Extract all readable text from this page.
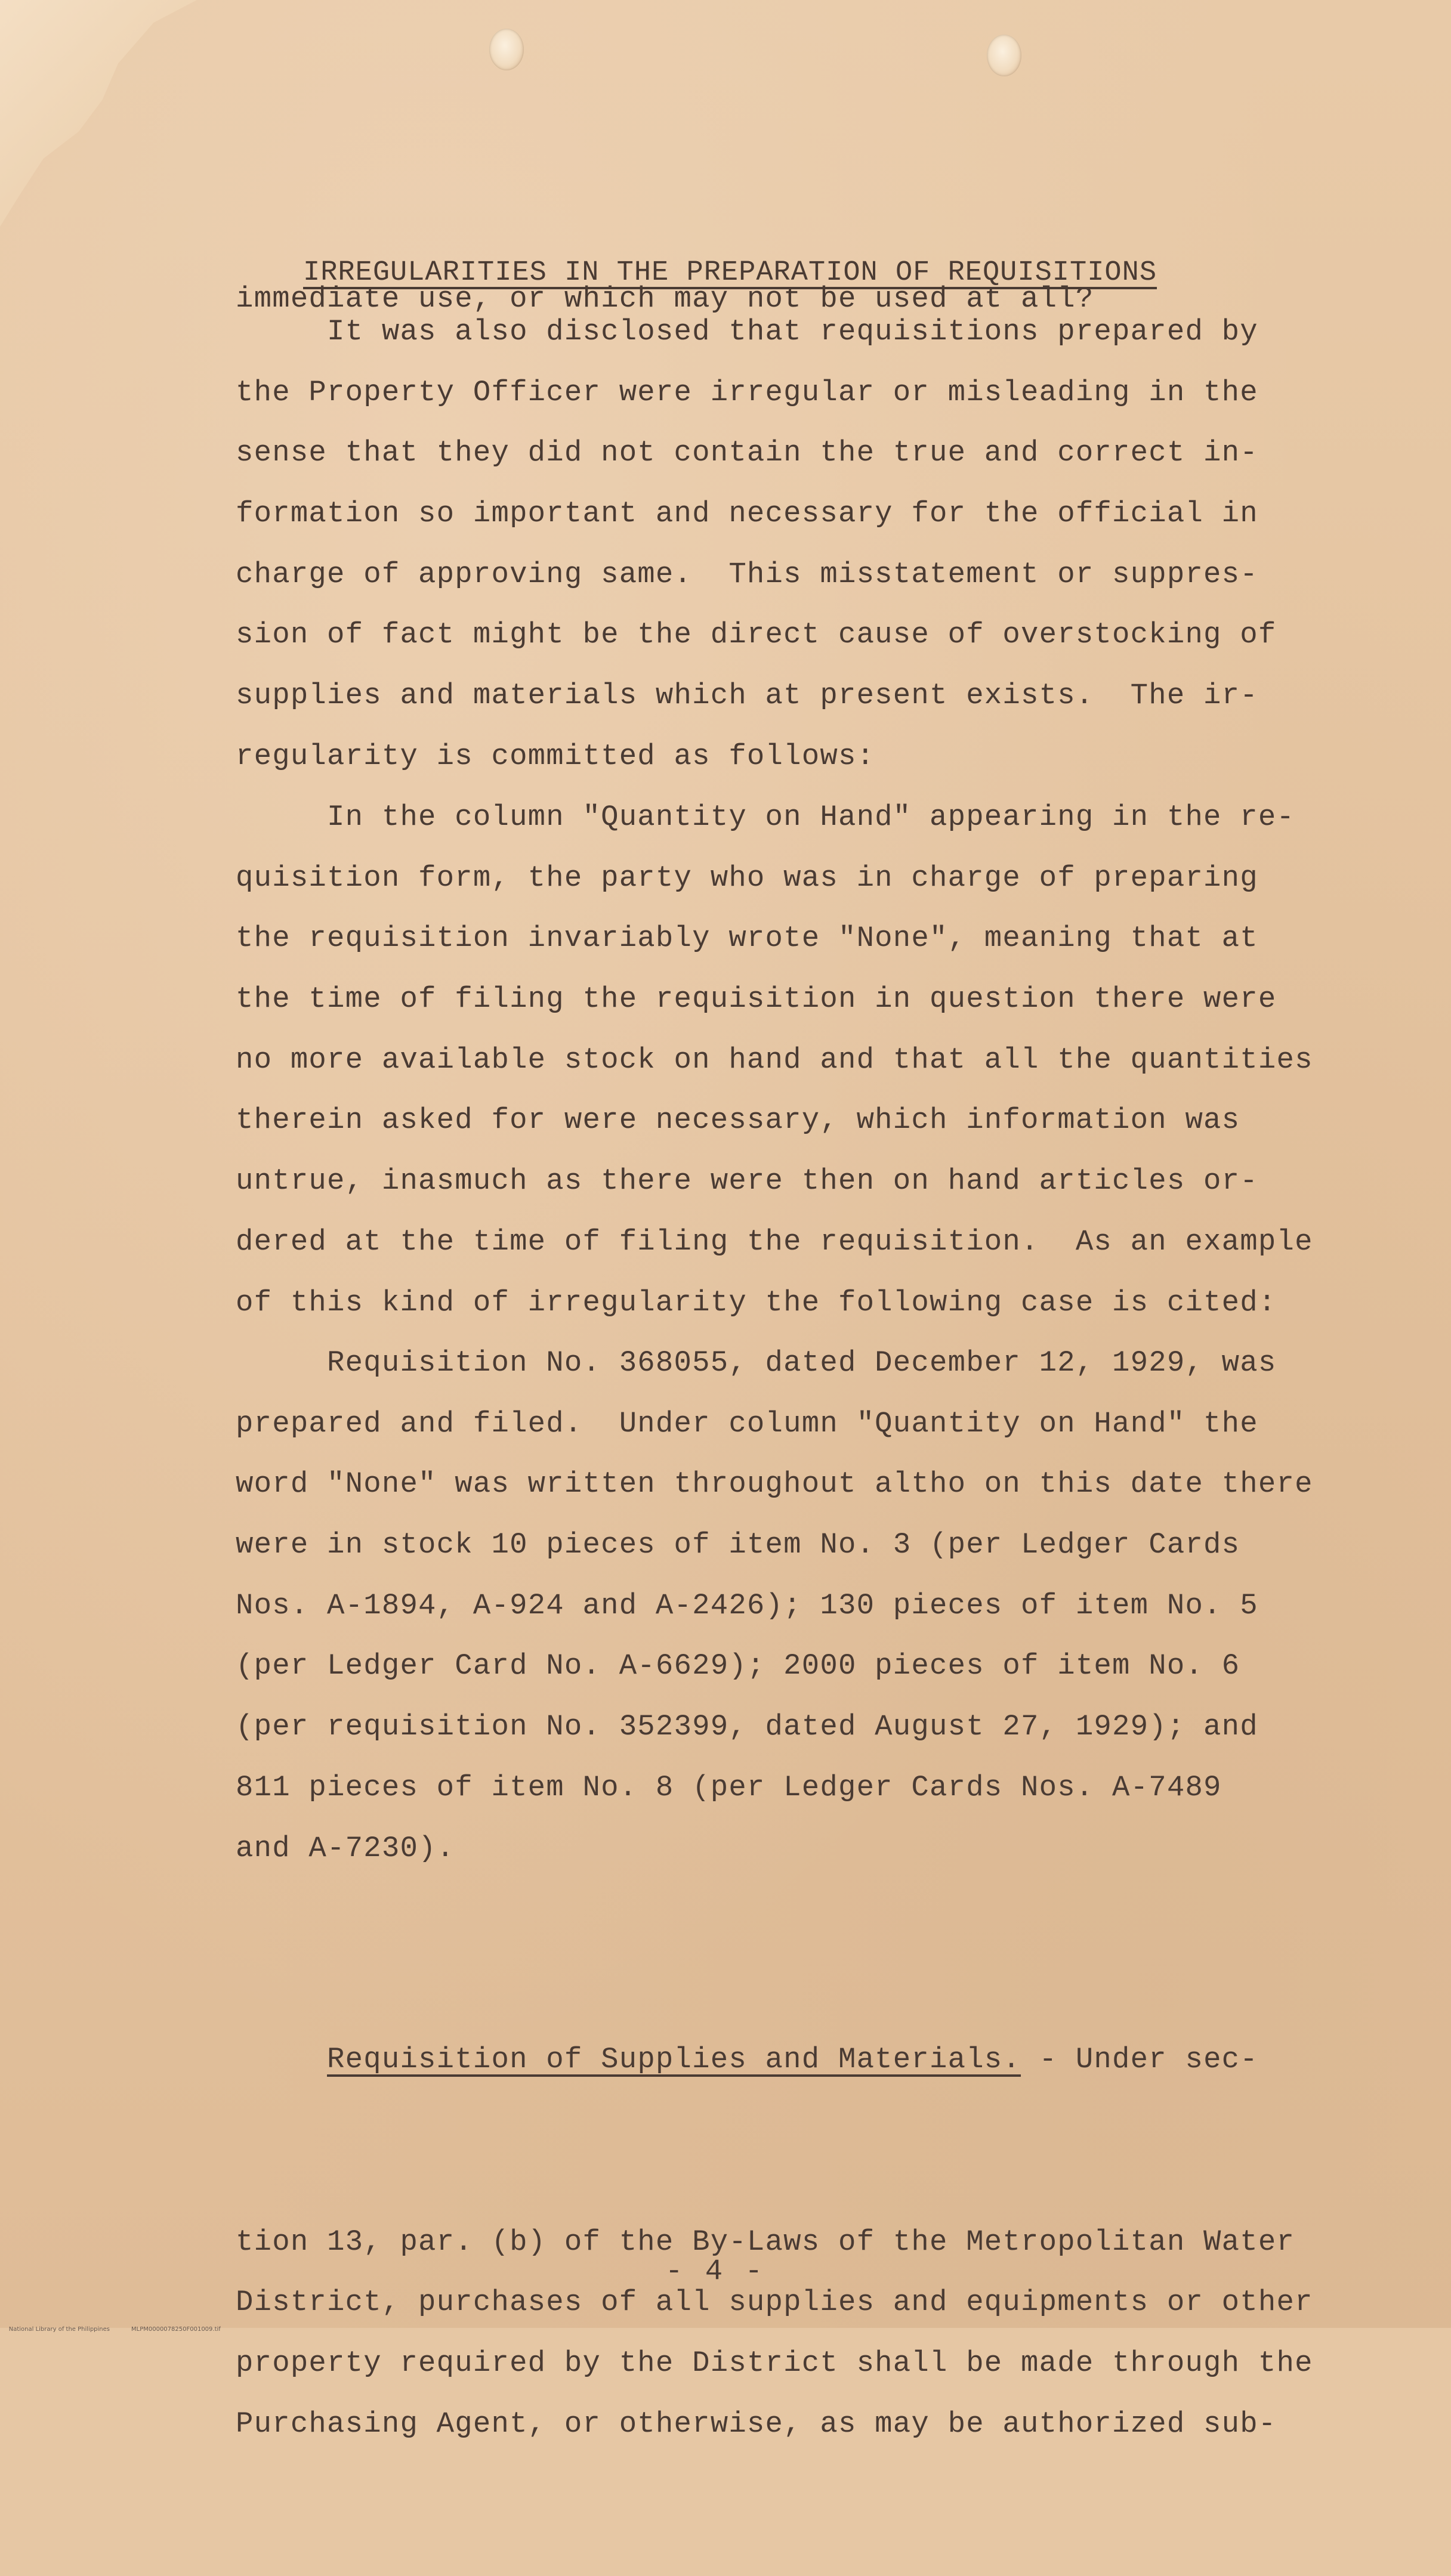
immediate use, or which may not be used at all?

IRREGULARITIES IN THE PREPARATION OF REQUISITIONS
It was also disclosed that requisitions prepared by
the Property Officer were irregular or misleading in the
sense that they did not contain the true and correct in-
formation so important and necessary for the official in
charge of approving same.  This misstatement or suppres-
sion of fact might be the direct cause of overstocking of
supplies and materials which at present exists.  The ir-
regularity is committed as follows:
In the column "Quantity on Hand" appearing in the re-
quisition form, the party who was in charge of preparing
the requisition invariably wrote "None", meaning that at
the time of filing the requisition in question there were
no more available stock on hand and that all the quantities
therein asked for were necessary, which information was
untrue, inasmuch as there were then on hand articles or-
dered at the time of filing the requisition.  As an example
of this kind of irregularity the following case is cited:
Requisition No. 368055, dated December 12, 1929, was
prepared and filed.  Under column "Quantity on Hand" the
word "None" was written throughout altho on this date there
were in stock 10 pieces of item No. 3 (per Ledger Cards
Nos. A-1894, A-924 and A-2426); 130 pieces of item No. 5
(per Ledger Card No. A-6629); 2000 pieces of item No. 6
(per requisition No. 352399, dated August 27, 1929); and
811 pieces of item No. 8 (per Ledger Cards Nos. A-7489
and A-7230).

Requisition of Supplies and Materials. - Under sec-

tion 13, par. (b) of the By-Laws of the Metropolitan Water
District, purchases of all supplies and equipments or other
property required by the District shall be made through the
Purchasing Agent, or otherwise, as may be authorized sub-

- 4 -

National Library of the Philippines	MLPM0000078250F001009.tif
